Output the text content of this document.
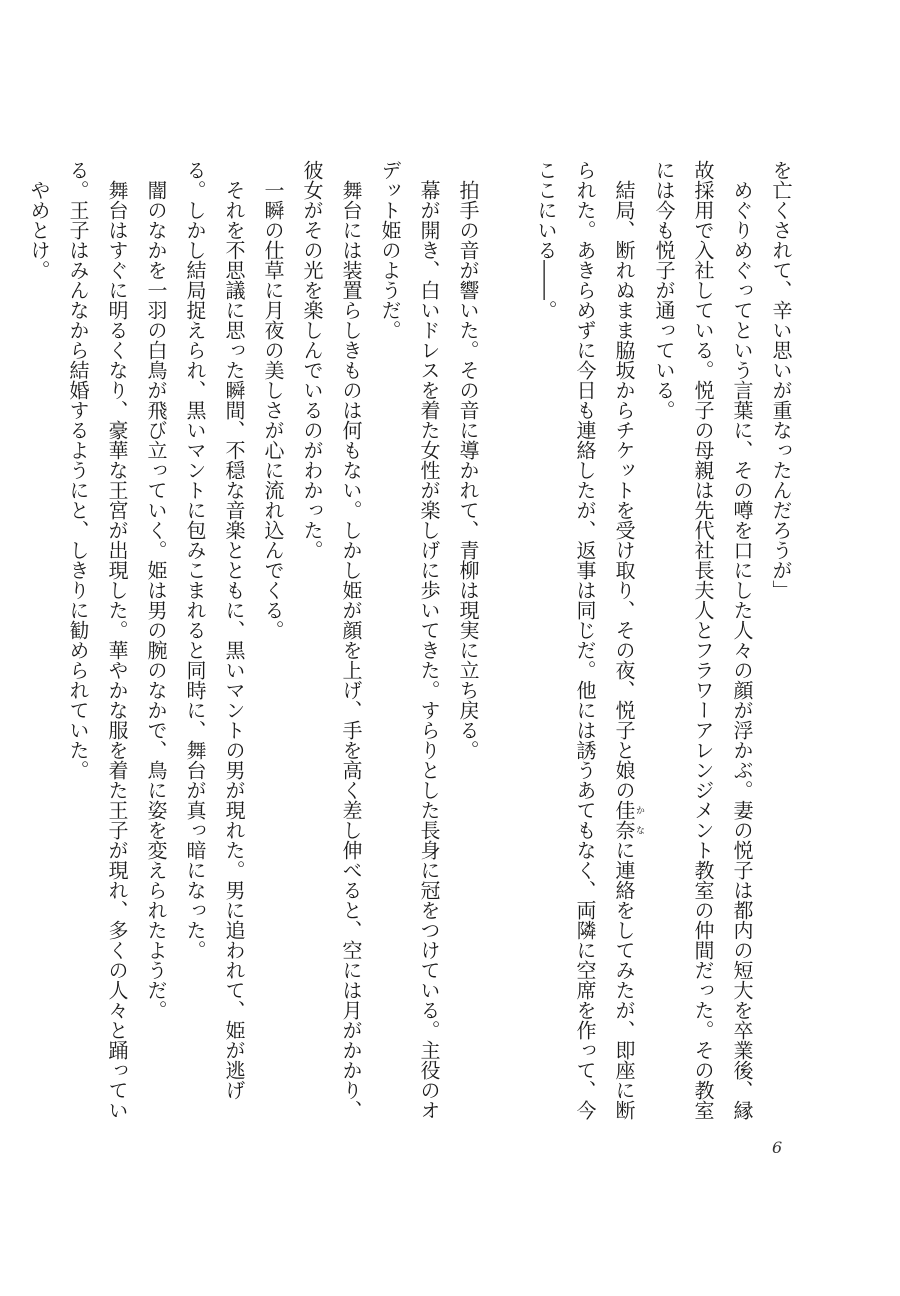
を亡くされて、辛い思いが重なったんだろうが」

めぐりめぐってという言葉に、その噂を口にした人々の顔が浮かぶ。妻の悦子は都内の短大を卒業後、縁故採用で入社している。悦子の母親は先代社長夫人とフラワーアレンジメント教室の仲間だった。その教室には今も悦子が通っている。

結局、断れぬまま脇坂からチケットを受け取り、その夜、悦子と娘の佳奈かなに連絡をしてみたが、即座に断られた。あきらめずに今日も連絡したが、返事は同じだ。他には誘うあてもなく、両隣に空席を作って、今ここにいる――。

拍手の音が響いた。その音に導かれて、青柳は現実に立ち戻る。

幕が開き、白いドレスを着た女性が楽しげに歩いてきた。すらりとした長身に冠をつけている。主役のオデット姫のようだ。

舞台には装置らしきものは何もない。しかし姫が顔を上げ、手を高く差し伸べると、空には月がかかり、彼女がその光を楽しんでいるのがわかった。

一瞬の仕草に月夜の美しさが心に流れ込んでくる。

それを不思議に思った瞬間、不穏な音楽とともに、黒いマントの男が現れた。男に追われて、姫が逃げる。しかし結局捉えられ、黒いマントに包みこまれると同時に、舞台が真っ暗になった。

闇のなかを一羽の白鳥が飛び立っていく。姫は男の腕のなかで、鳥に姿を変えられたようだ。

舞台はすぐに明るくなり、豪華な王宮が出現した。華やかな服を着た王子が現れ、多くの人々と踊っている。王子はみんなから結婚するようにと、しきりに勧められていた。

やめとけ。

6
